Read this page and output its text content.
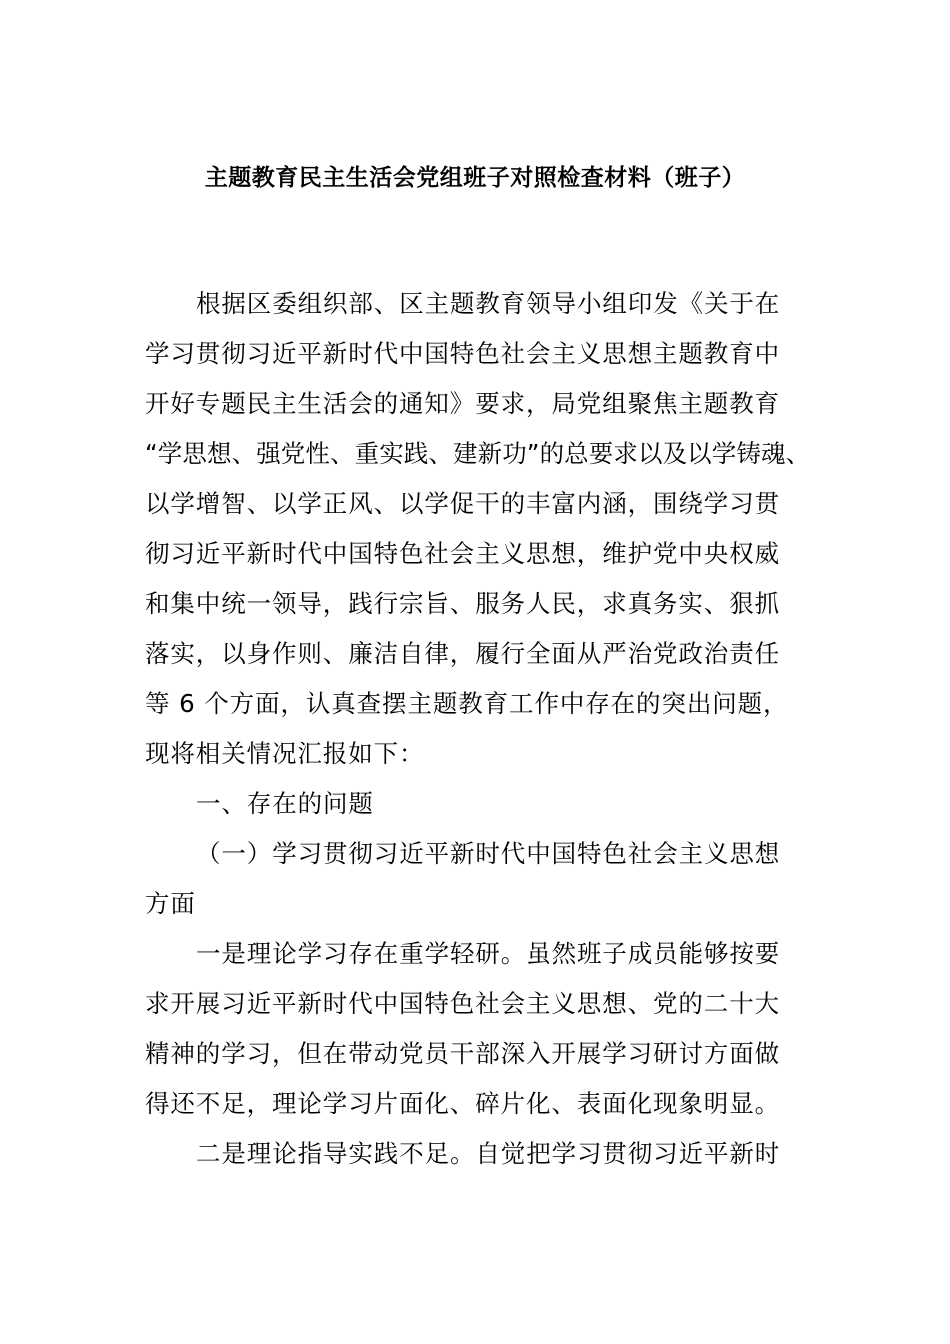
主题教育民主生活会党组班子对照检查材料（班子）
根据区委组织部、区主题教育领导小组印发《关于在
学习贯彻习近平新时代中国特色社会主义思想主题教育中
开好专题民主生活会的通知》要求，局党组聚焦主题教育
“学思想、强党性、重实践、建新功”的总要求以及以学铸魂、
以学增智、以学正风、以学促干的丰富内涵，围绕学习贯
彻习近平新时代中国特色社会主义思想，维护党中央权威
和集中统一领导，践行宗旨、服务人民，求真务实、狠抓
落实，以身作则、廉洁自律，履行全面从严治党政治责任
等 6 个方面，认真查摆主题教育工作中存在的突出问题，
现将相关情况汇报如下：
一、存在的问题
（一）学习贯彻习近平新时代中国特色社会主义思想
方面
一是理论学习存在重学轻研。虽然班子成员能够按要
求开展习近平新时代中国特色社会主义思想、党的二十大
精神的学习，但在带动党员干部深入开展学习研讨方面做
得还不足，理论学习片面化、碎片化、表面化现象明显。
二是理论指导实践不足。自觉把学习贯彻习近平新时
